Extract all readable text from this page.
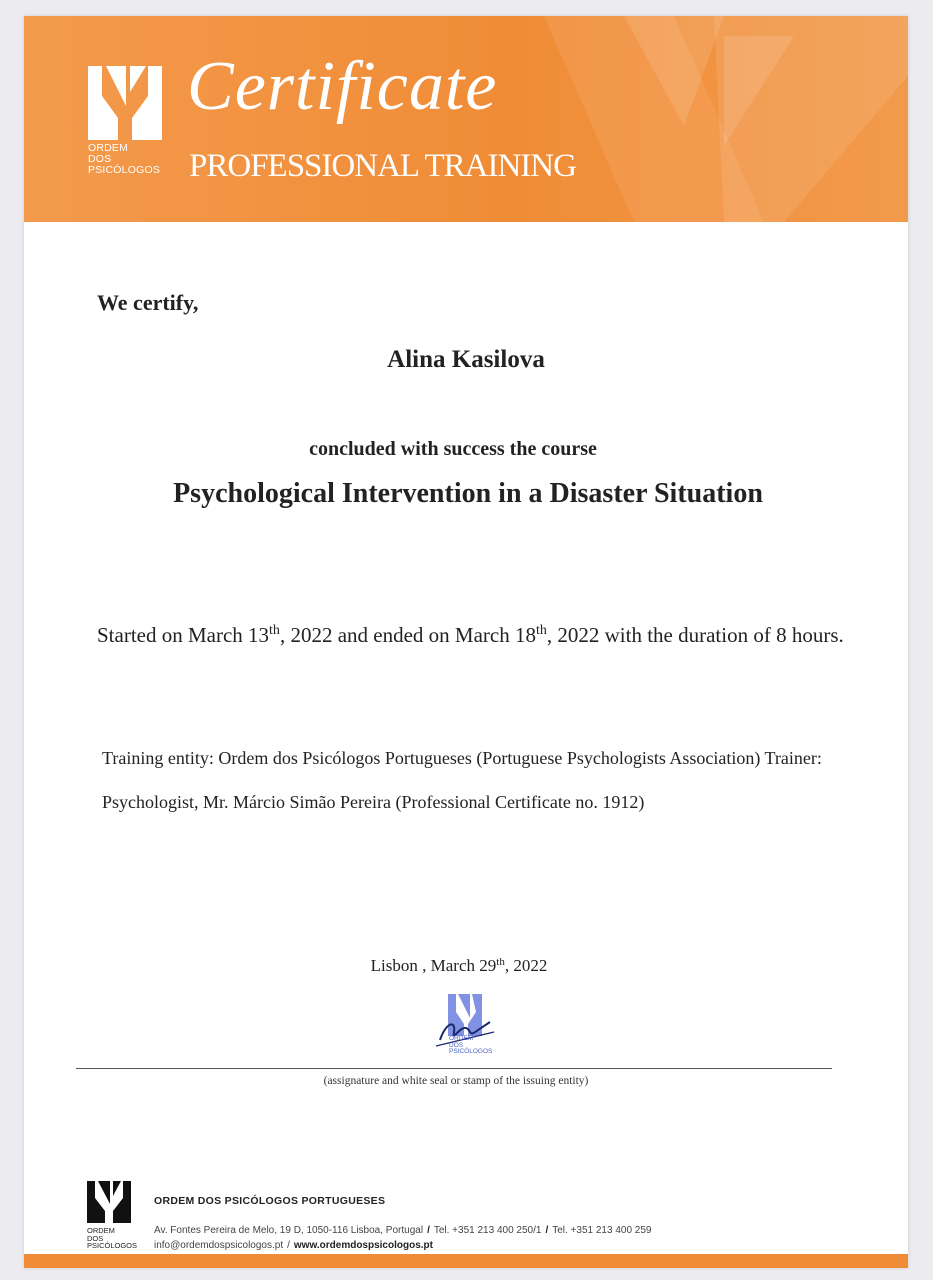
ORDEM
DOS
PSICÓLOGOS
Certificate
PROFESSIONAL TRAINING
We certify,
Alina Kasilova
concluded with success the course
Psychological Intervention in a Disaster Situation
Started on March 13th, 2022 and ended on March 18th, 2022 with the duration of 8 hours.
Training entity: Ordem dos Psicólogos Portugueses (Portuguese Psychologists Association) Trainer: Psychologist, Mr. Márcio Simão Pereira (Professional Certificate no. 1912)
Lisbon , March 29th, 2022
ORDEM
DOS
PSICÓLOGOS
(assignature and white seal or stamp of the issuing entity)
ORDEM
DOS
PSICÓLOGOS
ORDEM DOS PSICÓLOGOS PORTUGUESES
Av. Fontes Pereira de Melo, 19 D, 1050-116 Lisboa, Portugal / Tel. +351 213 400 250/1 / Tel. +351 213 400 259
info@ordemdospsicologos.pt / www.ordemdospsicologos.pt
